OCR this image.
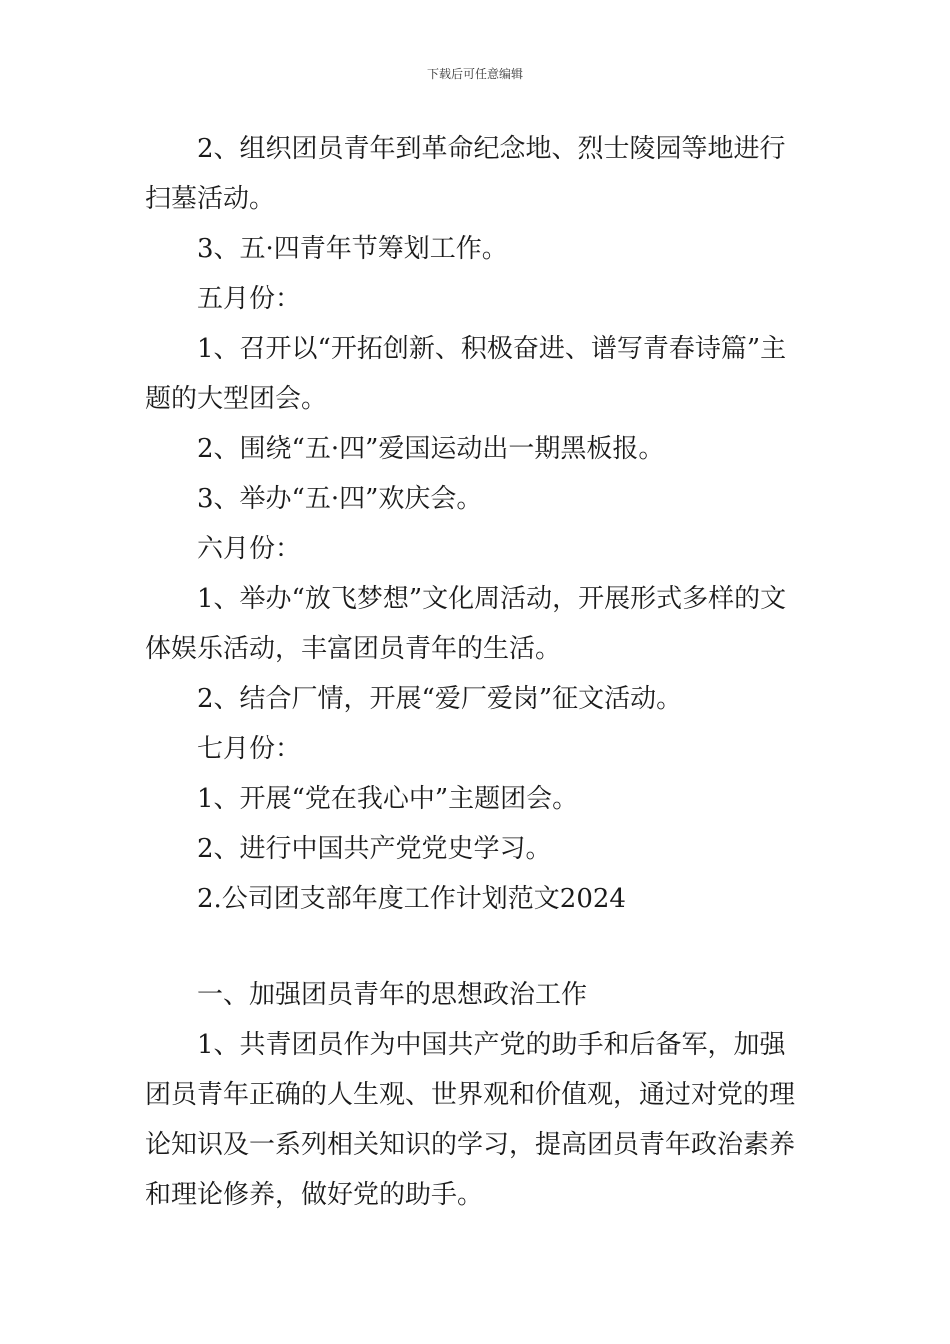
下载后可任意编辑

2、组织团员青年到革命纪念地、烈士陵园等地进行扫墓活动。

3、五·四青年节筹划工作。

五月份：

1、召开以“开拓创新、积极奋进、谱写青春诗篇”主题的大型团会。

2、围绕“五·四”爱国运动出一期黑板报。

3、举办“五·四”欢庆会。

六月份：

1、举办“放飞梦想”文化周活动，开展形式多样的文体娱乐活动，丰富团员青年的生活。

2、结合厂情，开展“爱厂爱岗”征文活动。

七月份：

1、开展“党在我心中”主题团会。

2、进行中国共产党党史学习。

2.公司团支部年度工作计划范文2024

一、加强团员青年的思想政治工作

1、共青团员作为中国共产党的助手和后备军，加强团员青年正确的人生观、世界观和价值观，通过对党的理论知识及一系列相关知识的学习，提高团员青年政治素养和理论修养，做好党的助手。
